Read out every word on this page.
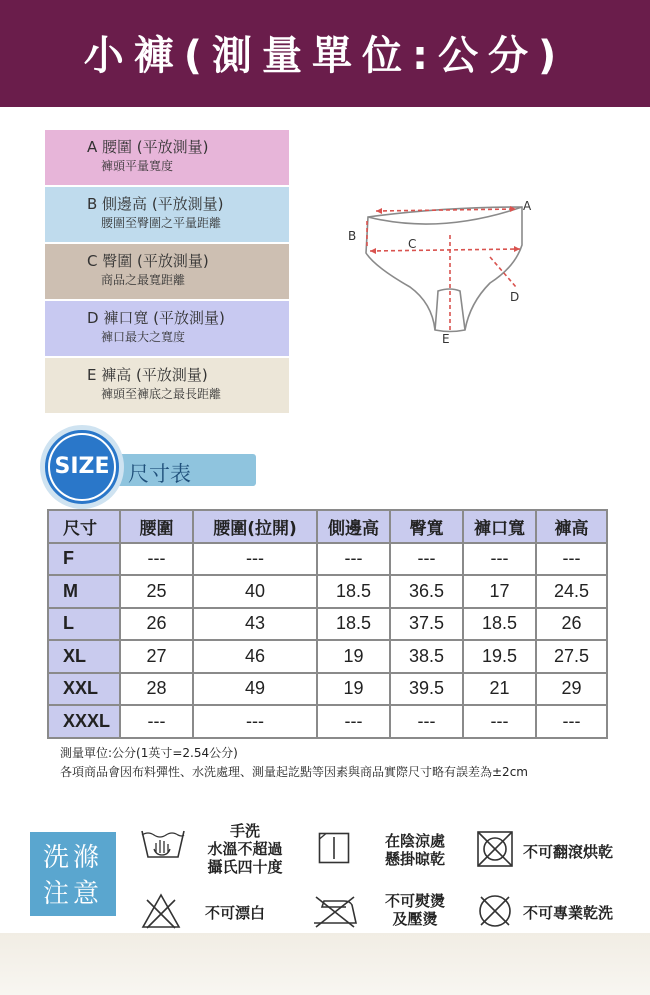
小褲(測量單位:公分)
A 腰圍 (平放測量)
褲頭平量寬度
B 側邊高 (平放測量)
腰圍至臀圍之平量距離
C 臀圍 (平放測量)
商品之最寬距離
D 褲口寬 (平放測量)
褲口最大之寬度
E 褲高 (平放測量)
褲頭至褲底之最長距離
A
B
C
D
E
尺寸表
SIZE
尺寸	腰圍	腰圍(拉開)	側邊高	臀寬	褲口寬	褲高
F	---	---	---	---	---	---
M	25	40	18.5	36.5	17	24.5
L	26	43	18.5	37.5	18.5	26
XL	27	46	19	38.5	19.5	27.5
XXL	28	49	19	39.5	21	29
XXXL	---	---	---	---	---	---
測量單位:公分(1英寸=2.54公分)
各項商品會因布料彈性、水洗處理、測量起訖點等因素與商品實際尺寸略有誤差為±2cm
洗滌
注意
手洗
水溫不超過
攝氏四十度
在陰涼處
懸掛晾乾	不可翻滾烘乾
不可漂白
不可熨燙
及壓燙	不可專業乾洗
